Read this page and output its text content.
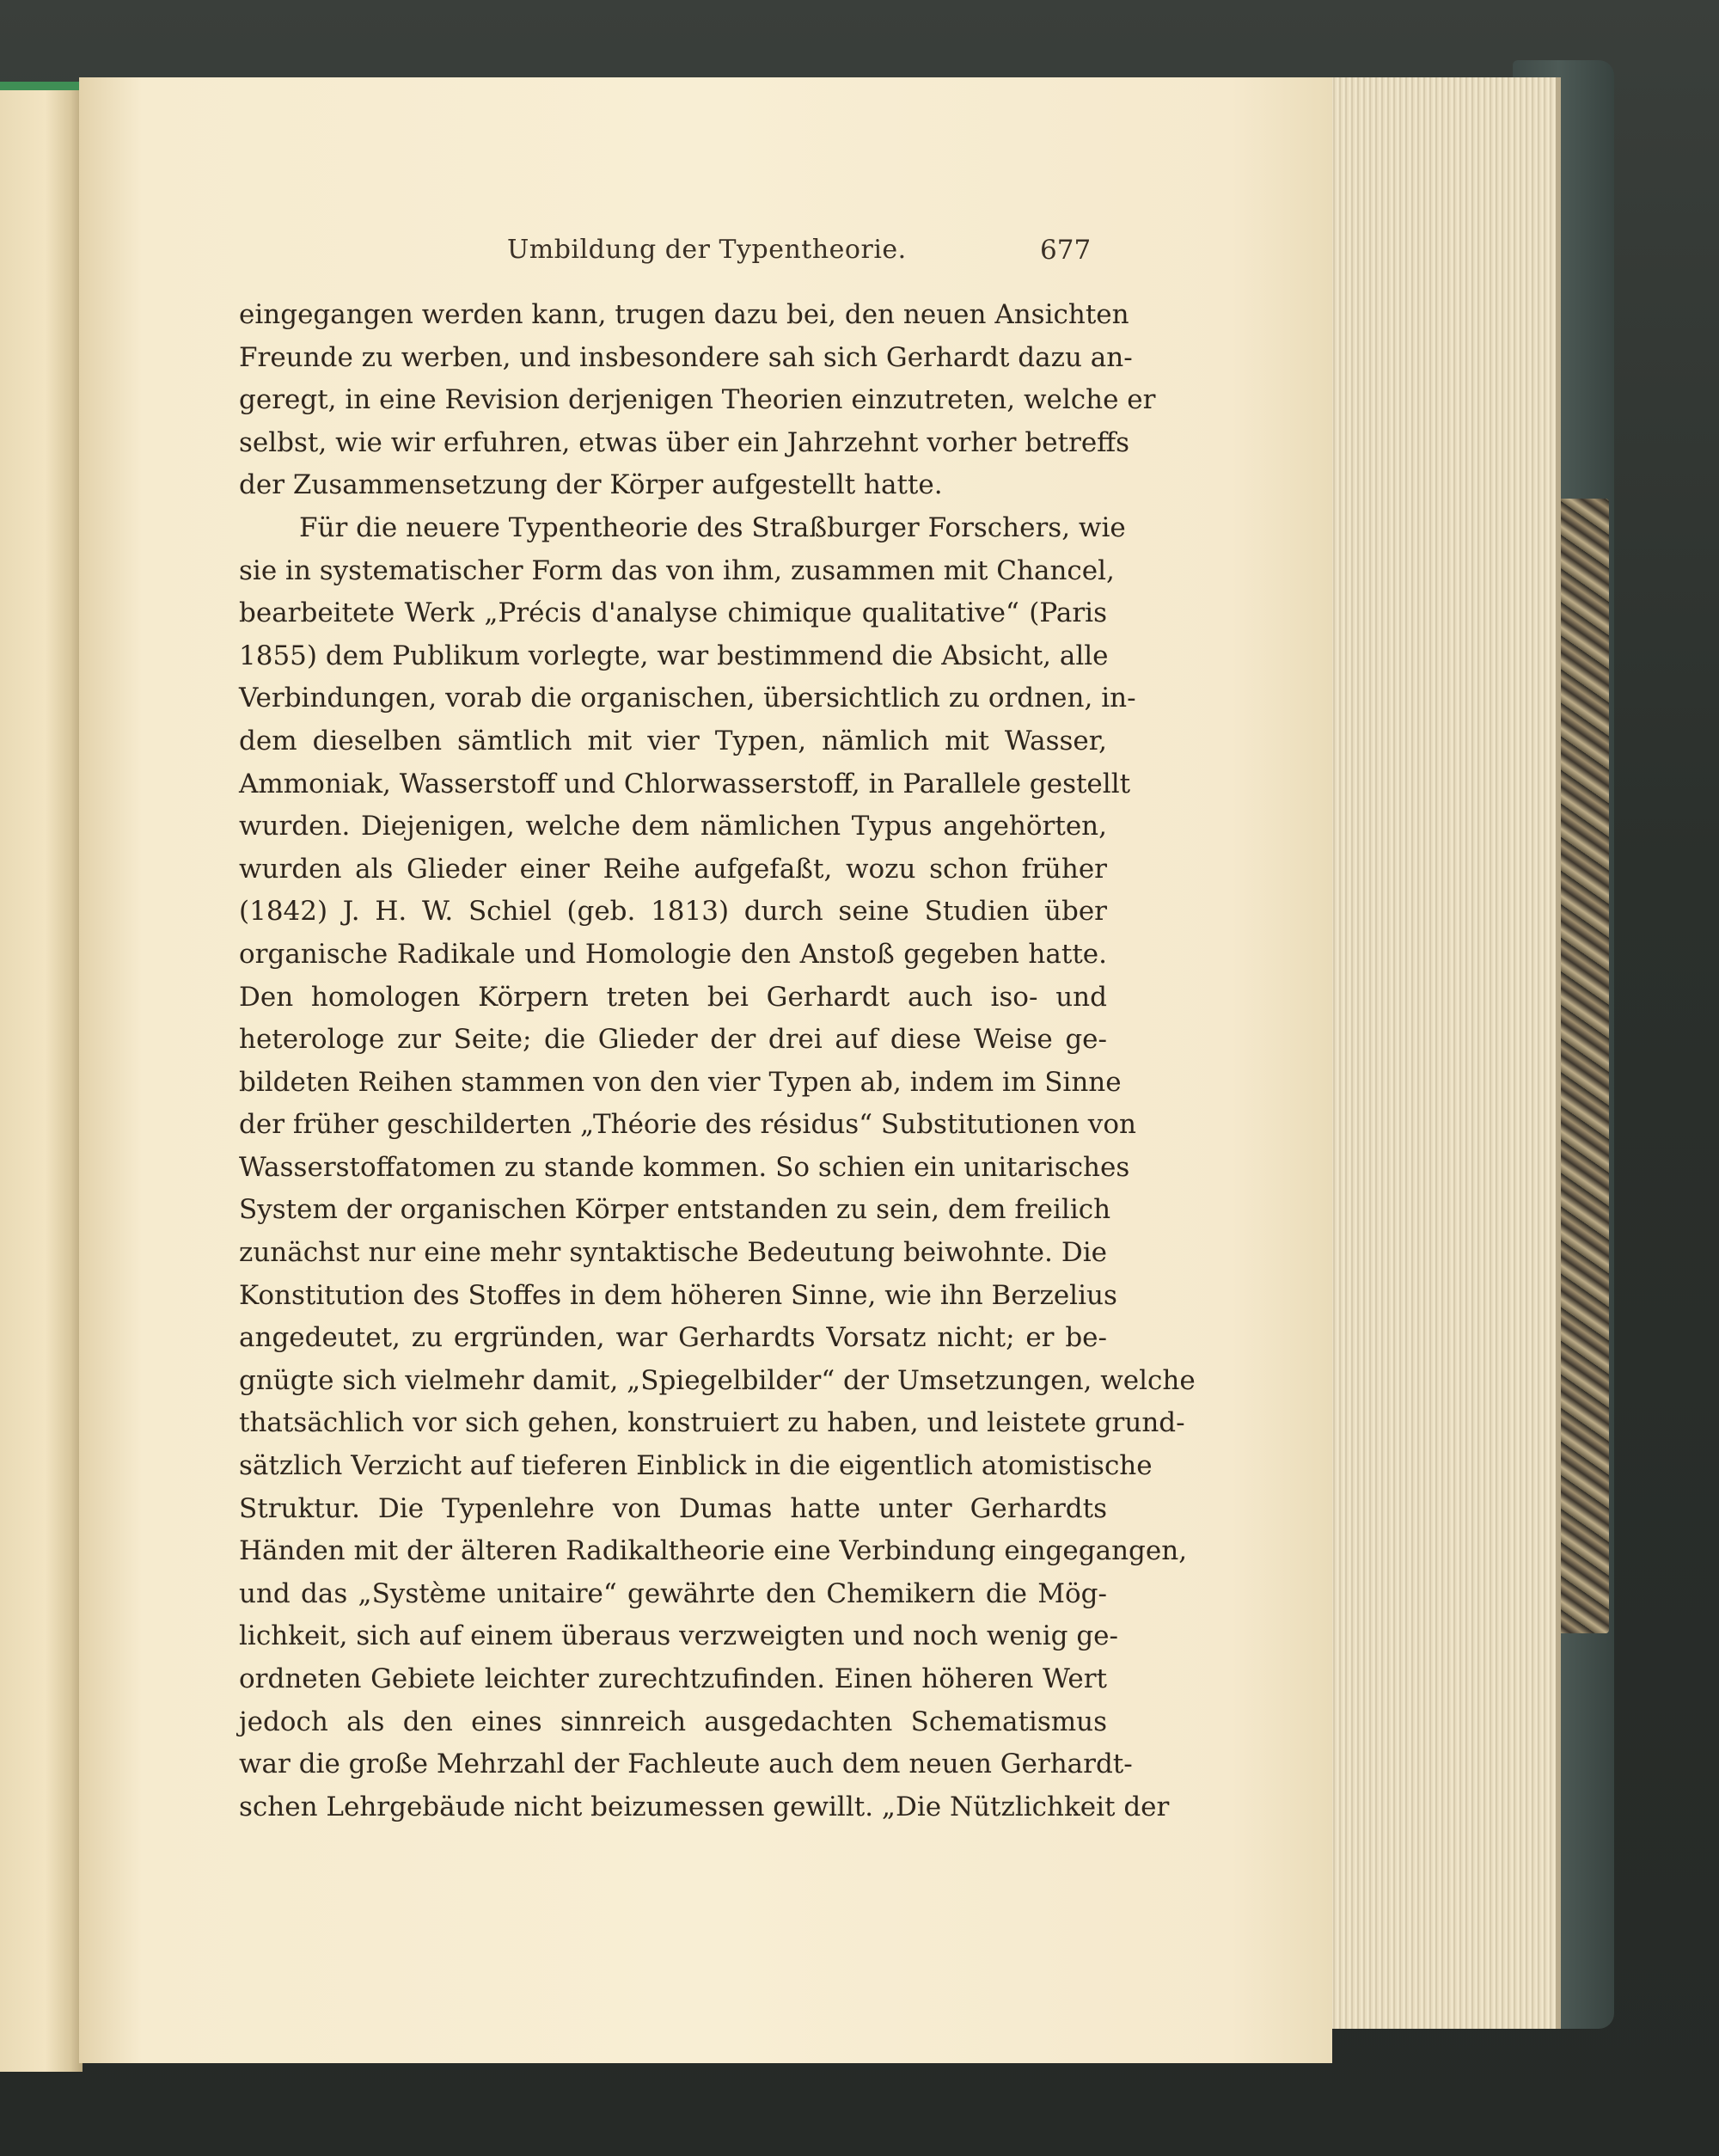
Umbildung der Typentheorie.	677
eingegangen werden kann, trugen dazu bei, den neuen Ansichten
Freunde zu werben, und insbesondere sah sich Gerhardt dazu an-
geregt, in eine Revision derjenigen Theorien einzutreten, welche er
selbst, wie wir erfuhren, etwas über ein Jahrzehnt vorher betreffs
der Zusammensetzung der Körper aufgestellt hatte.
Für die neuere Typentheorie des Straßburger Forschers, wie
sie in systematischer Form das von ihm, zusammen mit Chancel,
bearbeitete Werk „Précis d'analyse chimique qualitative“ (Paris
1855) dem Publikum vorlegte, war bestimmend die Absicht, alle
Verbindungen, vorab die organischen, übersichtlich zu ordnen, in-
dem dieselben sämtlich mit vier Typen, nämlich mit Wasser,
Ammoniak, Wasserstoff und Chlorwasserstoff, in Parallele gestellt
wurden. Diejenigen, welche dem nämlichen Typus angehörten,
wurden als Glieder einer Reihe aufgefaßt, wozu schon früher
(1842) J. H. W. Schiel (geb. 1813) durch seine Studien über
organische Radikale und Homologie den Anstoß gegeben hatte.
Den homologen Körpern treten bei Gerhardt auch iso- und
heterologe zur Seite; die Glieder der drei auf diese Weise ge-
bildeten Reihen stammen von den vier Typen ab, indem im Sinne
der früher geschilderten „Théorie des résidus“ Substitutionen von
Wasserstoffatomen zu stande kommen. So schien ein unitarisches
System der organischen Körper entstanden zu sein, dem freilich
zunächst nur eine mehr syntaktische Bedeutung beiwohnte. Die
Konstitution des Stoffes in dem höheren Sinne, wie ihn Berzelius
angedeutet, zu ergründen, war Gerhardts Vorsatz nicht; er be-
gnügte sich vielmehr damit, „Spiegelbilder“ der Umsetzungen, welche
thatsächlich vor sich gehen, konstruiert zu haben, und leistete grund-
sätzlich Verzicht auf tieferen Einblick in die eigentlich atomistische
Struktur. Die Typenlehre von Dumas hatte unter Gerhardts
Händen mit der älteren Radikaltheorie eine Verbindung eingegangen,
und das „Système unitaire“ gewährte den Chemikern die Mög-
lichkeit, sich auf einem überaus verzweigten und noch wenig ge-
ordneten Gebiete leichter zurechtzufinden. Einen höheren Wert
jedoch als den eines sinnreich ausgedachten Schematismus
war die große Mehrzahl der Fachleute auch dem neuen Gerhardt-
schen Lehrgebäude nicht beizumessen gewillt. „Die Nützlichkeit der
